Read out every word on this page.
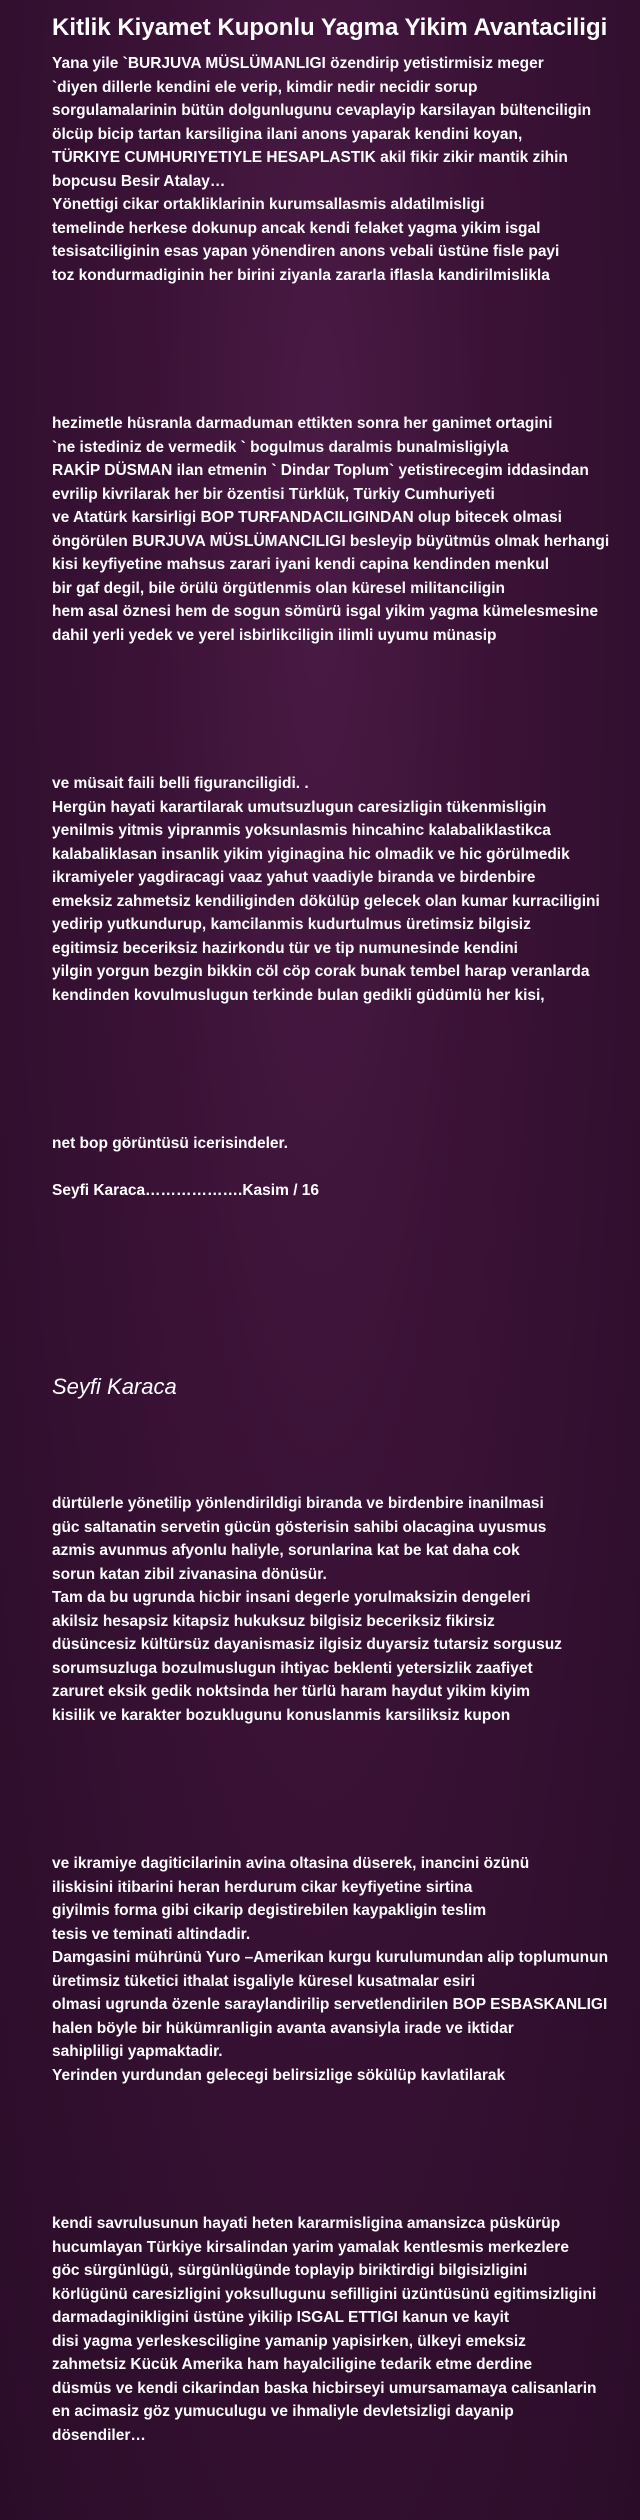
Kitlik Kiyamet Kuponlu Yagma Yikim Avantaciligi
Yana yile `BURJUVA MÜSLÜMANLIGI özendirip yetistirmisiz meger
`diyen dillerle kendini ele verip, kimdir nedir necidir sorup
sorgulamalarinin bütün dolgunlugunu cevaplayip karsilayan bültenciligin
ölcüp bicip tartan karsiligina ilani anons yaparak kendini koyan,
TÜRKIYE CUMHURIYETIYLE HESAPLASTIK akil fikir zikir mantik zihin
bopcusu Besir Atalay…
Yönettigi cikar ortakliklarinin kurumsallasmis aldatilmisligi
temelinde herkese dokunup ancak kendi felaket yagma yikim isgal
tesisatciliginin esas yapan yönendiren anons vebali üstüne fisle payi
toz kondurmadiginin her birini ziyanla zararla iflasla kandirilmislikla
hezimetle hüsranla darmaduman ettikten sonra her ganimet ortagini
`ne istediniz de vermedik ` bogulmus daralmis bunalmisligiyla
RAKİP DÜSMAN ilan etmenin ` Dindar Toplum` yetistirecegim iddasindan
evrilip kivrilarak her bir özentisi Türklük, Türkiy Cumhuriyeti
ve Atatürk karsirligi BOP TURFANDACILIGINDAN olup bitecek olmasi
öngörülen BURJUVA MÜSLÜMANCILIGI besleyip büyütmüs olmak herhangi
kisi keyfiyetine mahsus zarari iyani kendi capina kendinden menkul
bir gaf degil, bile örülü örgütlenmis olan küresel militanciligin
hem asal öznesi hem de sogun sömürü isgal yikim yagma kümelesmesine
dahil yerli yedek ve yerel isbirlikciligin ilimli uyumu münasip
ve müsait faili belli figuranciligidi. .
Hergün hayati karartilarak umutsuzlugun caresizligin tükenmisligin
yenilmis yitmis yipranmis yoksunlasmis hincahinc kalabaliklastikca
kalabaliklasan insanlik yikim yiginagina hic olmadik ve hic görülmedik
ikramiyeler yagdiracagi vaaz yahut vaadiyle biranda ve birdenbire
emeksiz zahmetsiz kendiliginden dökülüp gelecek olan kumar kurraciligini
yedirip yutkundurup, kamcilanmis kudurtulmus üretimsiz bilgisiz
egitimsiz beceriksiz hazirkondu tür ve tip numunesinde kendini
yilgin yorgun bezgin bikkin cöl cöp corak bunak tembel harap veranlarda
kendinden kovulmuslugun terkinde bulan gedikli güdümlü her kisi,
net bop görüntüsü icerisindeler.
Seyfi Karaca……………….Kasim / 16
Seyfi Karaca
dürtülerle yönetilip yönlendirildigi biranda ve birdenbire inanilmasi
güc saltanatin servetin gücün gösterisin sahibi olacagina uyusmus
azmis avunmus afyonlu haliyle, sorunlarina kat be kat daha cok
sorun katan zibil zivanasina dönüsür.
Tam da bu ugrunda hicbir insani degerle yorulmaksizin dengeleri
akilsiz hesapsiz kitapsiz hukuksuz bilgisiz beceriksiz fikirsiz
düsüncesiz kültürsüz dayanismasiz ilgisiz duyarsiz tutarsiz sorgusuz
sorumsuzluga bozulmuslugun ihtiyac beklenti yetersizlik zaafiyet
zaruret eksik gedik noktsinda her türlü haram haydut yikim kiyim
kisilik ve karakter bozuklugunu konuslanmis karsiliksiz kupon
ve ikramiye dagiticilarinin avina oltasina düserek, inancini özünü
iliskisini itibarini heran herdurum cikar keyfiyetine sirtina
giyilmis forma gibi cikarip degistirebilen kaypakligin teslim
tesis ve teminati altindadir.
Damgasini mührünü Yuro –Amerikan kurgu kurulumundan alip toplumunun
üretimsiz tüketici ithalat isgaliyle küresel kusatmalar esiri
olmasi ugrunda özenle saraylandirilip servetlendirilen BOP ESBASKANLIGI
halen böyle bir hükümranligin avanta avansiyla irade ve iktidar
sahipliligi yapmaktadir.
Yerinden yurdundan gelecegi belirsizlige sökülüp kavlatilarak
kendi savrulusunun hayati heten kararmisligina amansizca püskürüp
hucumlayan Türkiye kirsalindan yarim yamalak kentlesmis merkezlere
göc sürgünlügü, sürgünlügünde toplayip biriktirdigi bilgisizligini
körlügünü caresizligini yoksullugunu sefilligini üzüntüsünü egitimsizligini
darmadaginikligini üstüne yikilip ISGAL ETTIGI kanun ve kayit
disi yagma yerleskesciligine yamanip yapisirken, ülkeyi emeksiz
zahmetsiz Kücük Amerika ham hayalciligine tedarik etme derdine
düsmüs ve kendi cikarindan baska hicbirseyi umursamamaya calisanlarin
en acimasiz göz yumuculugu ve ihmaliyle devletsizligi dayanip
dösendiler…
